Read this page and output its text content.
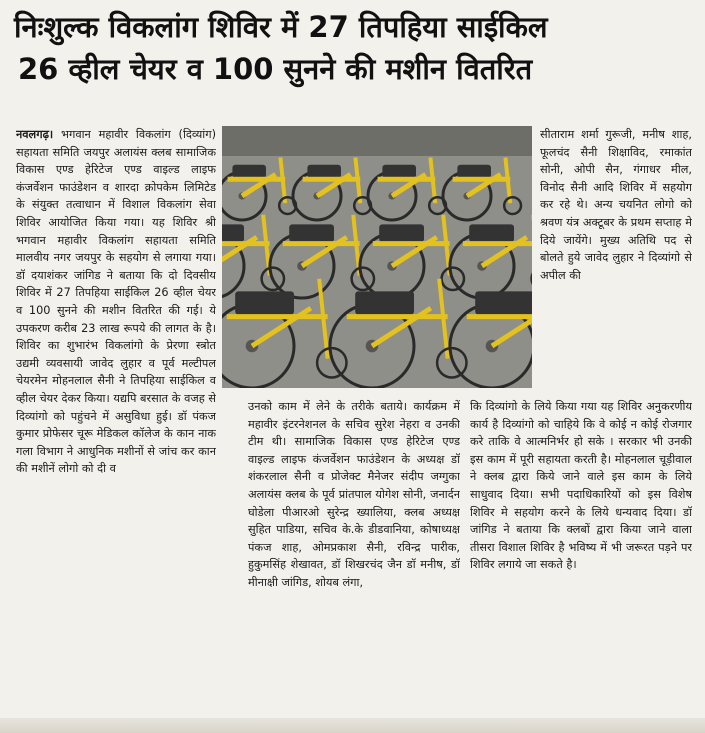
निःशुल्क विकलांग शिविर में 27 तिपहिया साईकिल
26 व्हील चेयर व 100 सुनने की मशीन वितरित

नवलगढ़। भगवान महावीर विकलांग (दिव्यांग) सहायता समिति जयपुर अलायंस क्लब सामाजिक विकास एण्ड हेरिटेज एण्ड वाइल्ड लाइफ कंजर्वेशन फाउंडेशन व शारदा क्रोपकेम लिमिटेड के संयुक्त तत्वाधान में विशाल विकलांग सेवा शिविर आयोजित किया गया। यह शिविर श्री भगवान महावीर विकलांग सहायता समिति मालवीय नगर जयपुर के सहयोग से लगाया गया। डॉ दयाशंकर जांगिड ने बताया कि दो दिवसीय शिविर में 27 तिपहिया साईकिल 26 व्हील चेयर व 100 सुनने की मशीन वितरित की गई। ये उपकरण करीब 23 लाख रूपये की लागत के है। शिविर का शुभारंभ विकलांगो के प्रेरणा स्त्रोत उद्यमी व्यवसायी जावेद लुहार व पूर्व मल्टीपल चेयरमेन मोहनलाल सैनी ने तिपहिया साईकिल व व्हील चेयर देकर किया। यद्यपि बरसात के वजह से दिव्यांगो को पहुंचने में असुविधा हुई। डॉ पंकज कुमार प्रोफेसर चूरू मेडिकल कॉलेज के कान नाक गला विभाग ने आधुनिक मशीनों से जांच कर कान की मशीनें लोगो को दी व

सीताराम शर्मा गुरूजी, मनीष शाह, फूलचंद सैनी शिक्षाविद, रमाकांत सोनी, ओपी सैन, गंगाधर मील, विनोद सैनी आदि शिविर में सहयोग कर रहे थे। अन्य चयनित लोगो को श्रवण यंत्र अक्टूबर के प्रथम सप्ताह मे दिये जायेंगे। मुख्य अतिथि पद से बोलते हुये जावेद लुहार ने दिव्यांगो से अपील की

उनको काम में लेने के तरीके बताये। कार्यक्रम में महावीर इंटरनेशनल के सचिव सुरेश नेहरा व उनकी टीम थी। सामाजिक विकास एण्ड हेरिटेज एण्ड वाइल्ड लाइफ कंजर्वेशन फाउंडेशन के अध्यक्ष डॉ शंकरलाल सैनी व प्रोजेक्ट मैनेजर संदीप जग्गुका अलायंस क्लब के पूर्व प्रांतपाल योगेश सोनी, जनार्दन घोडेला पीआरओ सुरेन्द्र ख्यालिया, क्लब अध्यक्ष सुहित पाडिया, सचिव के.के डीडवानिया, कोषाध्यक्ष पंकज शाह, ओमप्रकाश सैनी, रविन्द्र पारीक, हुकुमसिंह शेखावत, डॉ शिखरचंद जैन डॉ मनीष, डॉ मीनाक्षी जांगिड, शोयब लंगा,

कि दिव्यांगो के लिये किया गया यह शिविर अनुकरणीय कार्य है दिव्यांगो को चाहिये कि वे कोई न कोई रोजगार करे ताकि वे आत्मनिर्भर हो सके । सरकार भी उनकी इस काम में पूरी सहायता करती है। मोहनलाल चूड़ीवाल ने क्लब द्वारा किये जाने वाले इस काम के लिये साधुवाद दिया। सभी पदाधिकारियों को इस विशेष शिविर मे सहयोग करने के लिये धन्यवाद दिया। डॉ जांगिड ने बताया कि क्लबों द्वारा किया जाने वाला तीसरा विशाल शिविर है भविष्य में भी जरूरत पड़ने पर शिविर लगाये जा सकते है।
